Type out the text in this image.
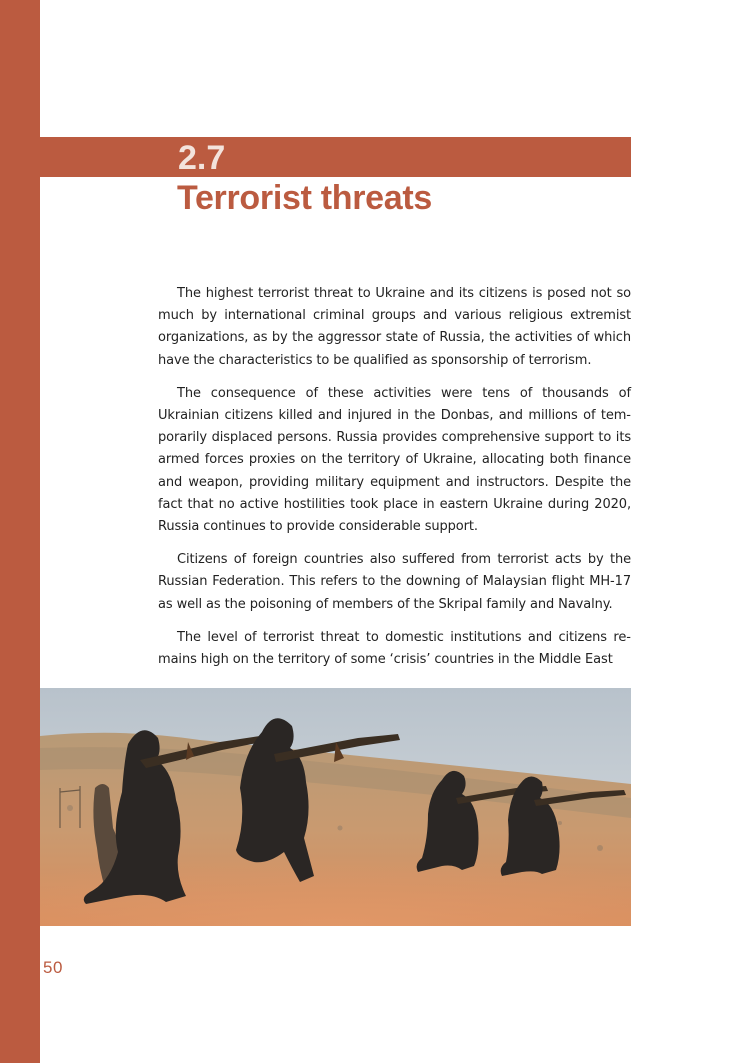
2.7
Terrorist threats

The highest terrorist threat to Ukraine and its citizens is posed not so much by international criminal groups and various religious extremist organizations, as by the aggressor state of Russia, the activities of which have the characteristics to be qualified as sponsorship of terrorism.

The consequence of these activities were tens of thousands of Ukrainian citizens killed and injured in the Donbas, and millions of temporarily displaced persons. Russia provides comprehensive support to its armed forces proxies on the territory of Ukraine, allocating both finance and weapon, providing military equipment and instructors. Despite the fact that no active hostilities took place in eastern Ukraine during 2020, Russia continues to provide considerable support.

Citizens of foreign countries also suffered from terrorist acts by the Russian Federation. This refers to the downing of Malaysian flight MH-17 as well as the poisoning of members of the Skripal family and Navalny.

The level of terrorist threat to domestic institutions and citizens remains high on the territory of some ‘crisis’ countries in the Middle East

50
